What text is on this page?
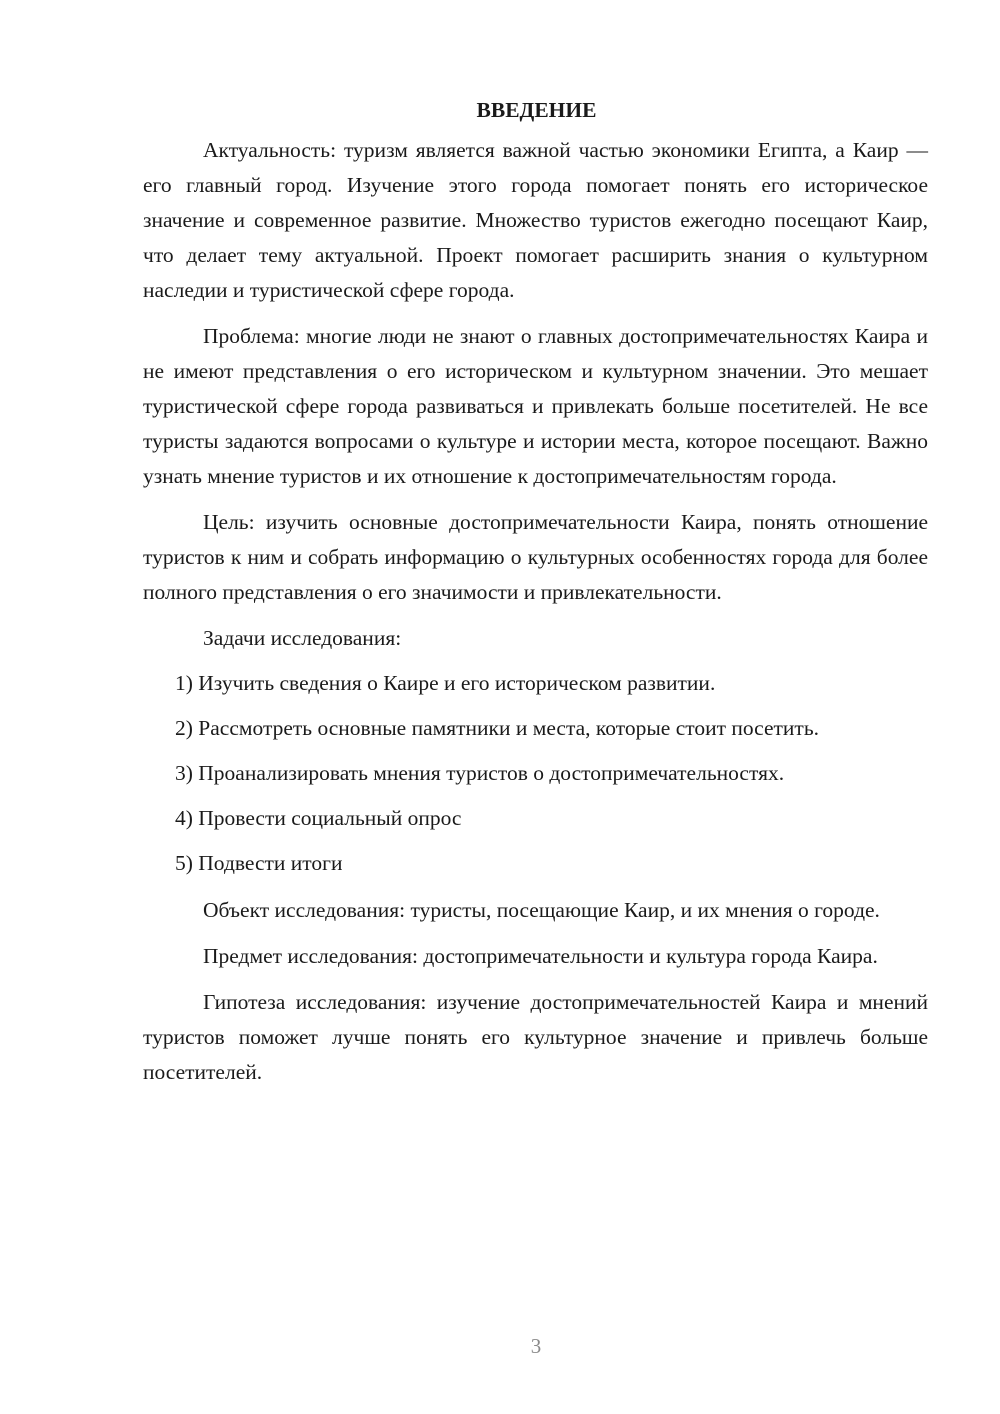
ВВЕДЕНИЕ

Актуальность: туризм является важной частью экономики Египта, а Каир — его главный город. Изучение этого города помогает понять его историческое значение и современное развитие. Множество туристов ежегодно посещают Каир, что делает тему актуальной. Проект помогает расширить знания о культурном наследии и туристической сфере города.

Проблема: многие люди не знают о главных достопримечательностях Каира и не имеют представления о его историческом и культурном значении. Это мешает туристической сфере города развиваться и привлекать больше посетителей. Не все туристы задаются вопросами о культуре и истории места, которое посещают. Важно узнать мнение туристов и их отношение к достопримечательностям города.

Цель: изучить основные достопримечательности Каира, понять отношение туристов к ним и собрать информацию о культурных особенностях города для более полного представления о его значимости и привлекательности.

Задачи исследования:
1) Изучить сведения о Каире и его историческом развитии.
2) Рассмотреть основные памятники и места, которые стоит посетить.
3) Проанализировать мнения туристов о достопримечательностях.
4) Провести социальный опрос
5) Подвести итоги

Объект исследования: туристы, посещающие Каир, и их мнения о городе.

Предмет исследования: достопримечательности и культура города Каира.

Гипотеза исследования: изучение достопримечательностей Каира и мнений туристов поможет лучше понять его культурное значение и привлечь больше посетителей.

3
